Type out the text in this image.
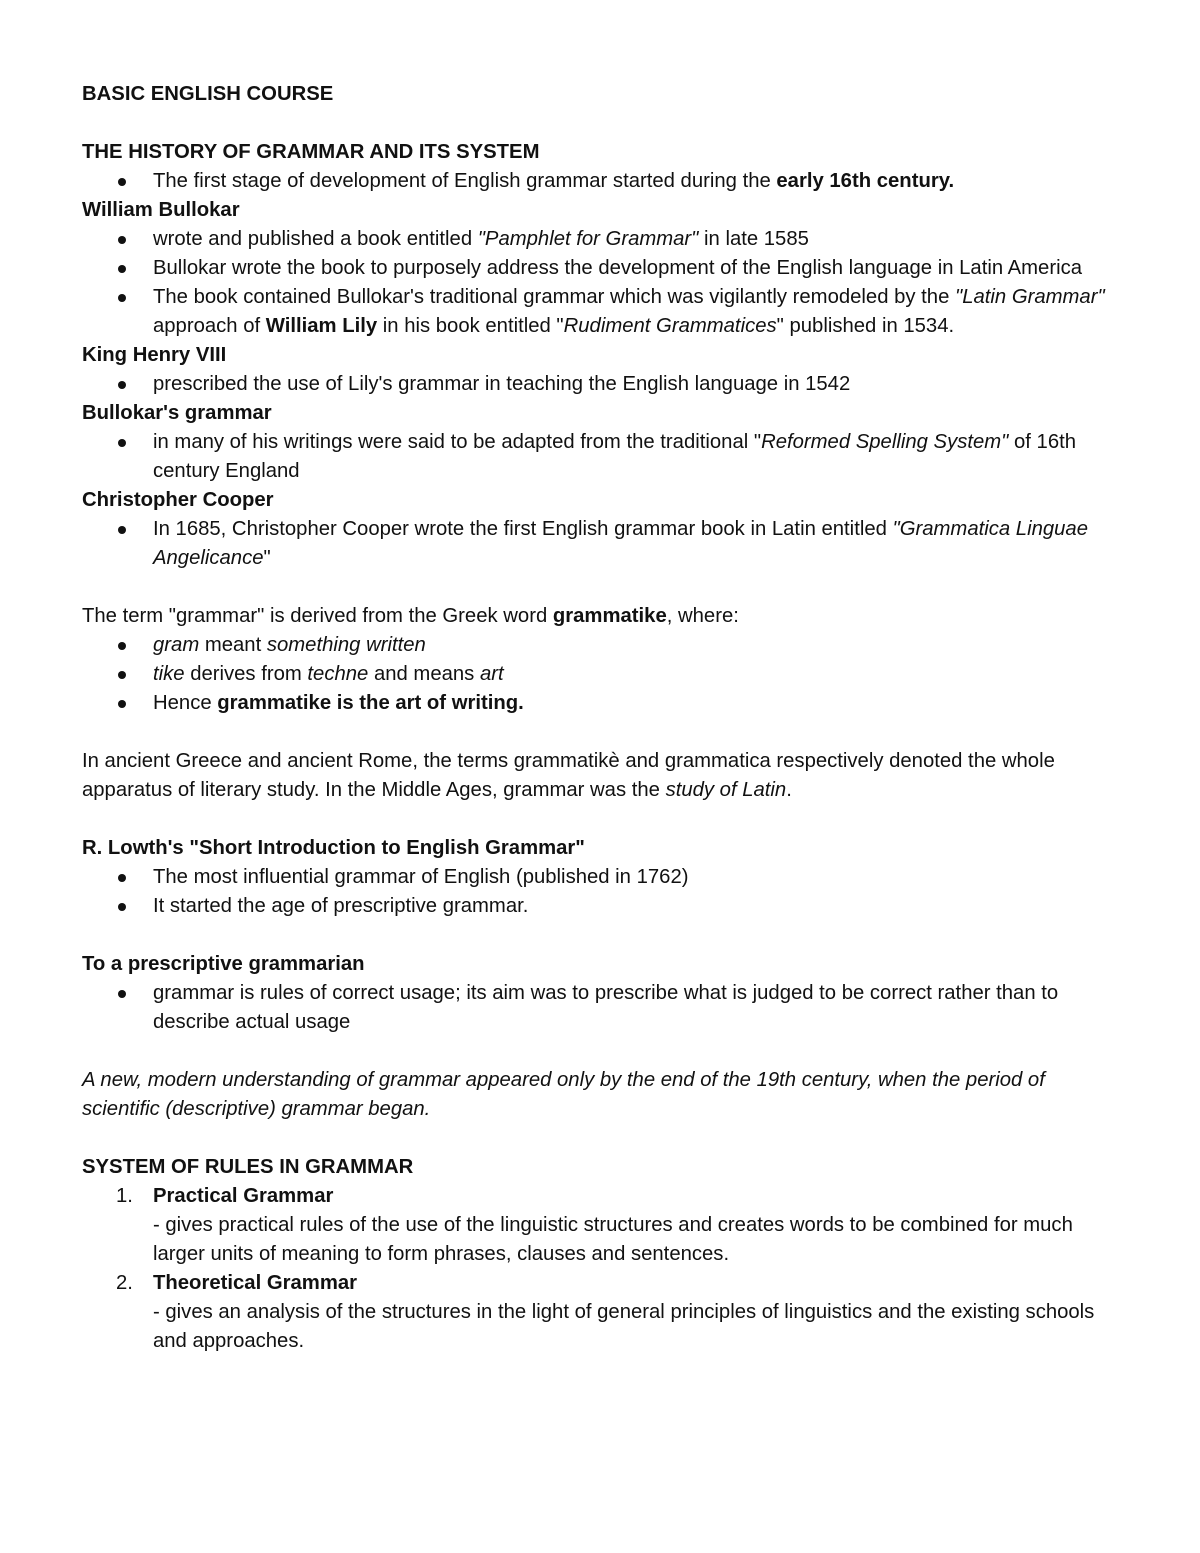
BASIC ENGLISH COURSE

THE HISTORY OF GRAMMAR AND ITS SYSTEM

The first stage of development of English grammar started during the early 16th century.

William Bullokar

wrote and published a book entitled "Pamphlet for Grammar" in late 1585

Bullokar wrote the book to purposely address the development of the English language in Latin America

The book contained Bullokar's traditional grammar which was vigilantly remodeled by the "Latin Grammar" approach of William Lily in his book entitled "Rudiment Grammatices" published in 1534.

King Henry VIII

prescribed the use of Lily's grammar in teaching the English language in 1542

Bullokar's grammar

in many of his writings were said to be adapted from the traditional "Reformed Spelling System" of 16th century England

Christopher Cooper

In 1685, Christopher Cooper wrote the first English grammar book in Latin entitled "Grammatica Linguae Angelicance"

The term "grammar" is derived from the Greek word grammatike, where:

gram meant something written

tike derives from techne and means art

Hence grammatike is the art of writing.

In ancient Greece and ancient Rome, the terms grammatikè and grammatica respectively denoted the whole apparatus of literary study. In the Middle Ages, grammar was the study of Latin.

R. Lowth's "Short Introduction to English Grammar"

The most influential grammar of English (published in 1762)

It started the age of prescriptive grammar.

To a prescriptive grammarian

grammar is rules of correct usage; its aim was to prescribe what is judged to be correct rather than to describe actual usage

A new, modern understanding of grammar appeared only by the end of the 19th century, when the period of scientific (descriptive) grammar began.

SYSTEM OF RULES IN GRAMMAR

1. Practical Grammar
- gives practical rules of the use of the linguistic structures and creates words to be combined for much larger units of meaning to form phrases, clauses and sentences.
2. Theoretical Grammar
- gives an analysis of the structures in the light of general principles of linguistics and the existing schools and approaches.
